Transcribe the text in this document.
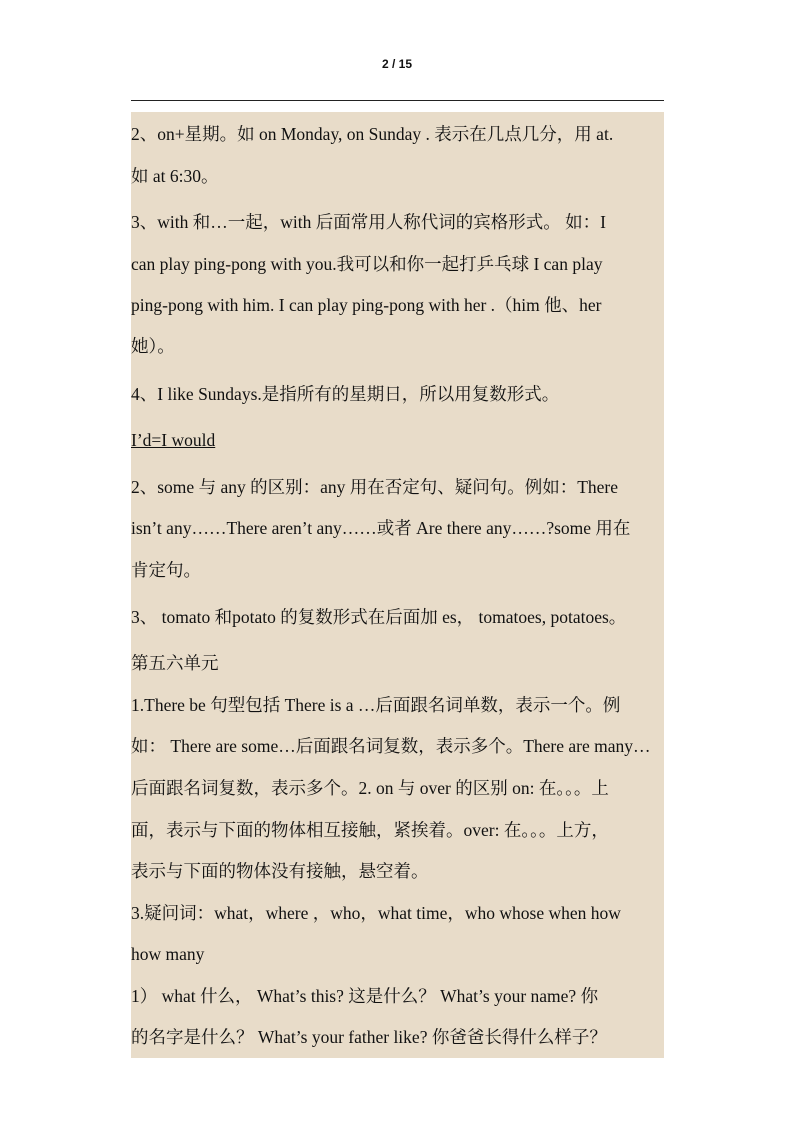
2 / 15
2、on+星期。如 on Monday, on Sunday . 表示在几点几分，用 at.
如 at 6:30。
3、with 和…一起，with 后面常用人称代词的宾格形式。 如：I
can play ping-pong with you.我可以和你一起打乒乓球 I can play
ping-pong with him. I can play ping-pong with her .（him 他、her
她）。
4、I like Sundays.是指所有的星期日，所以用复数形式。
I’d=I would
2、some 与 any 的区别：any 用在否定句、疑问句。例如：There
isn’t any……There aren’t any……或者 Are there any……?some 用在
肯定句。
3、 tomato 和potato 的复数形式在后面加 es， tomatoes, potatoes。
第五六单元
1.There be 句型包括 There is a …后面跟名词单数，表示一个。例
如： There are some…后面跟名词复数，表示多个。There are many…
后面跟名词复数，表示多个。2. on 与 over 的区别 on: 在。。。上
面，表示与下面的物体相互接触，紧挨着。over: 在。。。上方，
表示与下面的物体没有接触，悬空着。
3.疑问词：what，where ，who，what time，who whose when how
how many
1） what 什么， What’s this? 这是什么？ What’s your name? 你
的名字是什么？ What’s your father like? 你爸爸长得什么样子？
